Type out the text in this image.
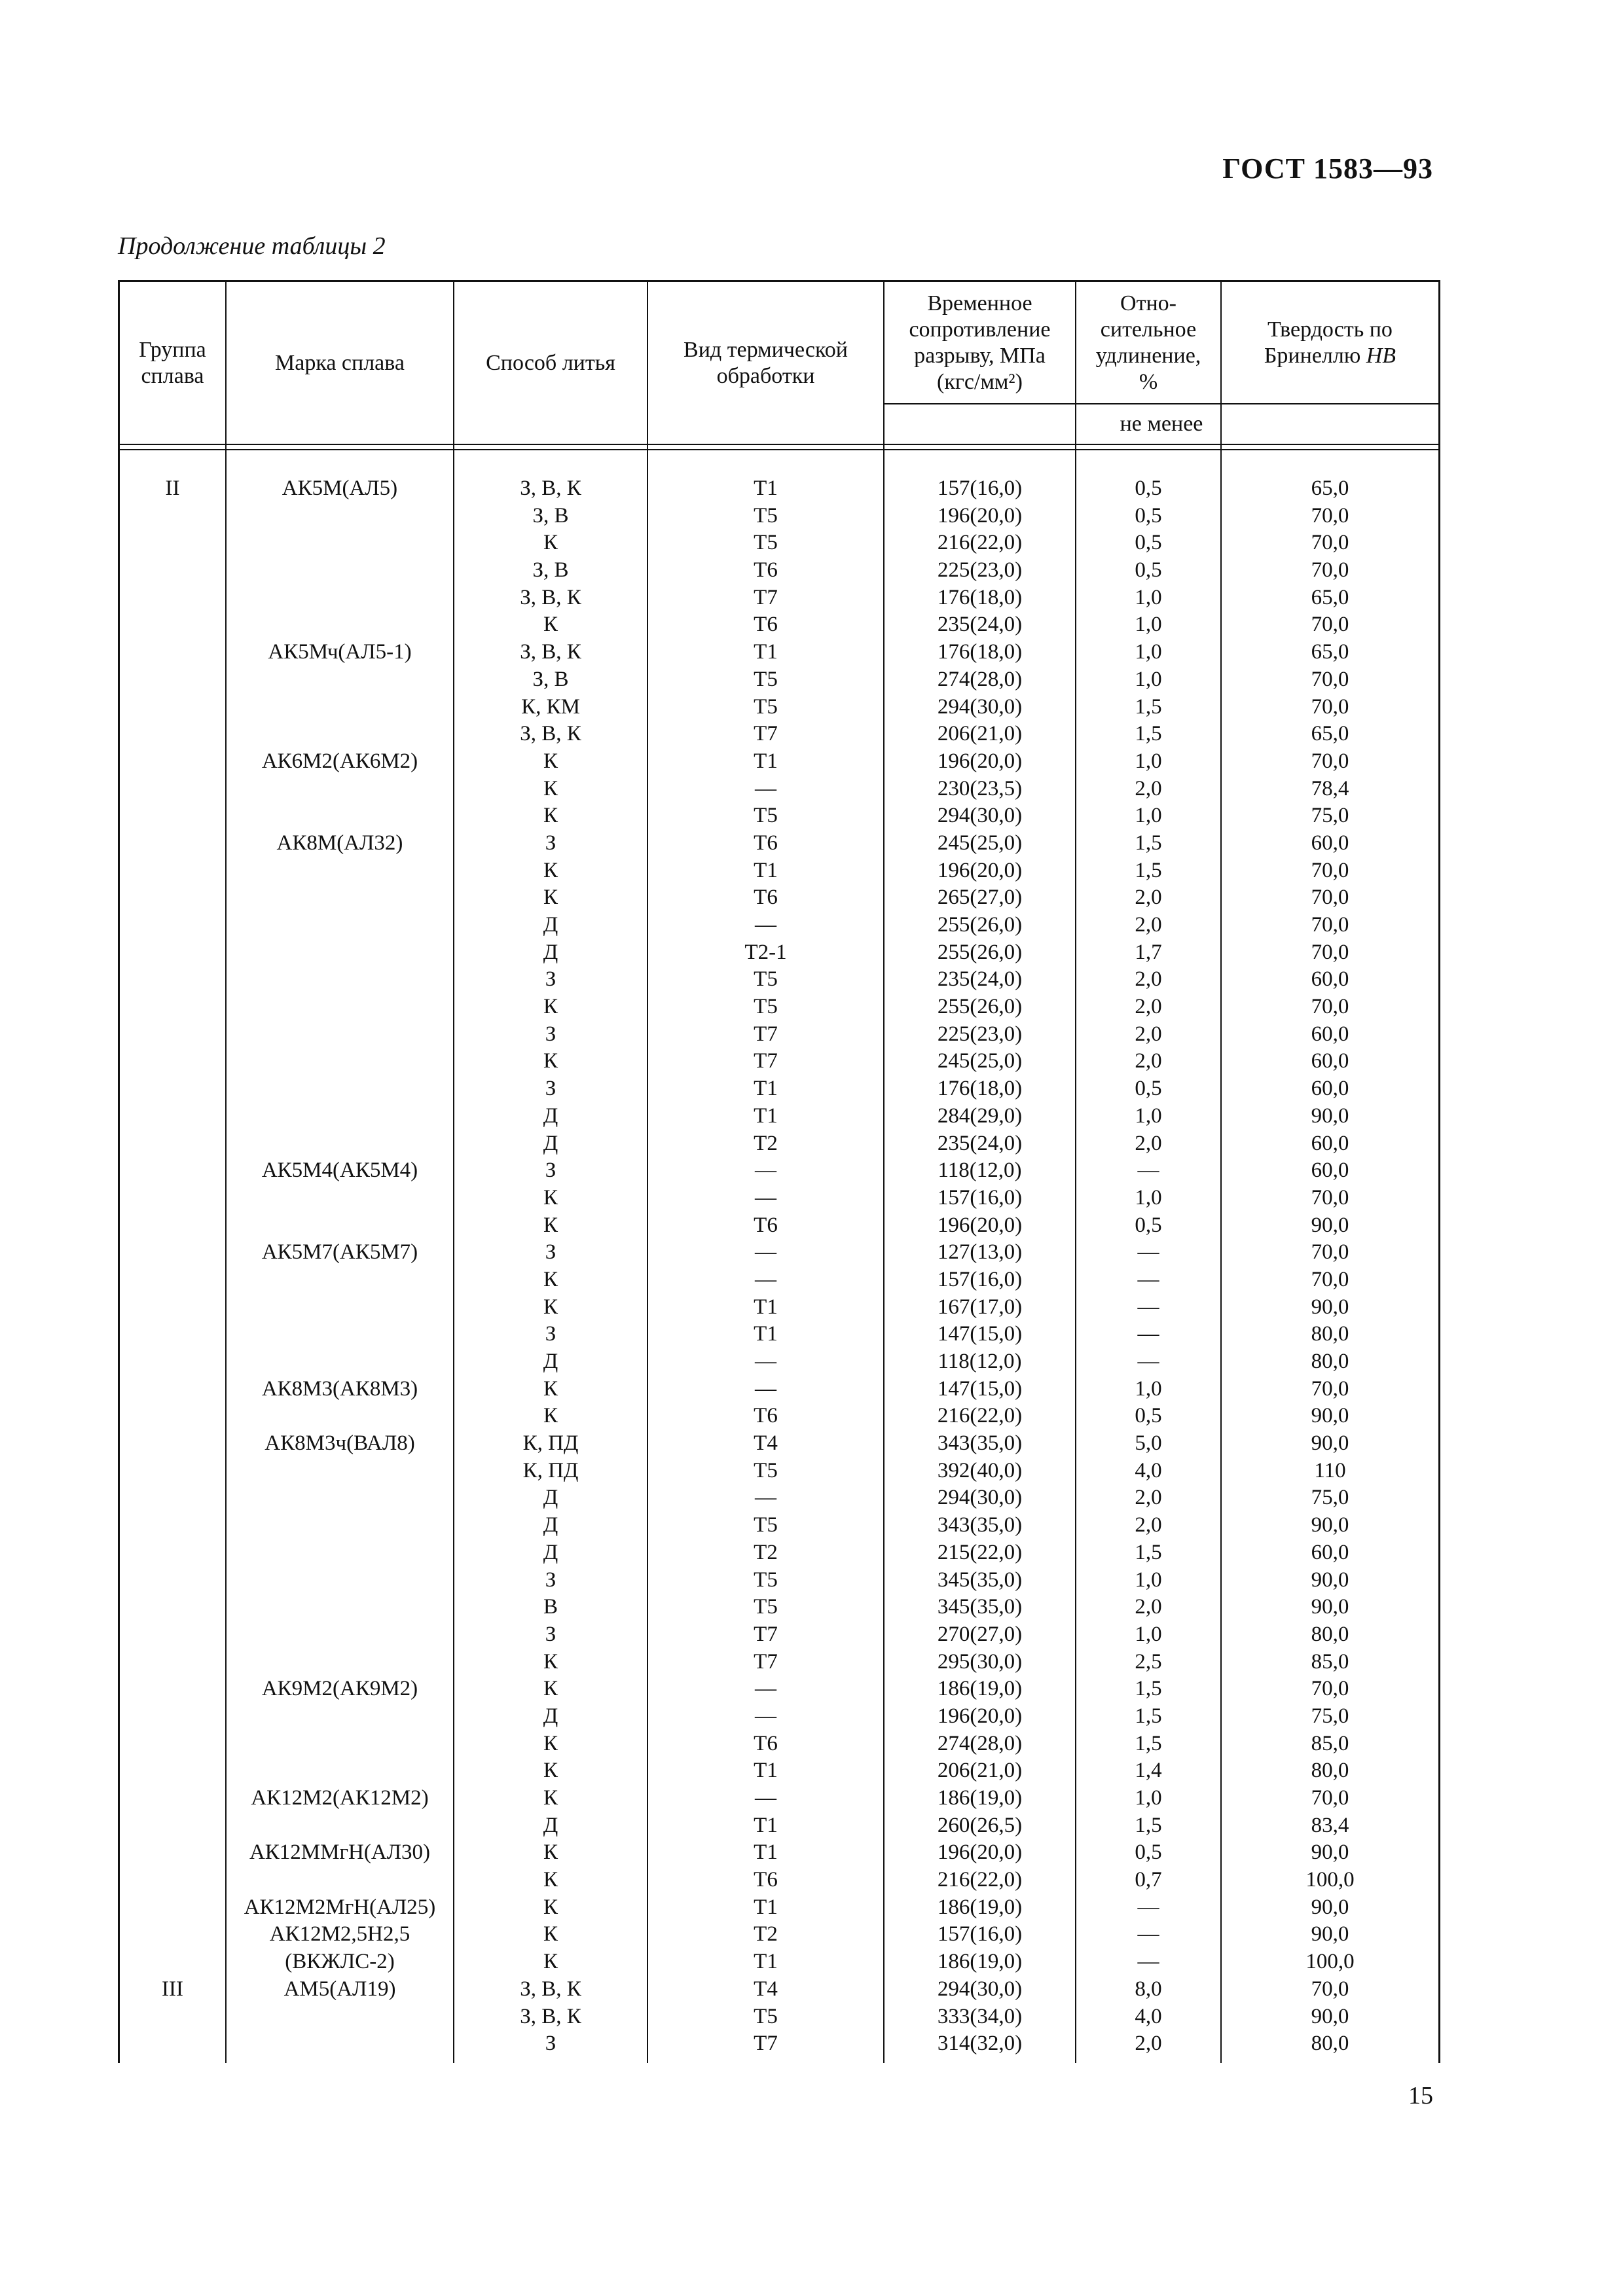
ГОСТ 1583—93
Продолжение таблицы 2
Группа
сплава
Марка сплава	Способ литья
Вид термической
обработки
Временное
сопротивление
разрыву, МПа
(кгс/мм²)
Отно-
сительное
удлинение,
%
Твердость по
Бринеллю HB
не менее
II
III
АК5М(АЛ5)
АК5Мч(АЛ5-1)
АК6М2(АК6М2)
АК8М(АЛ32)
АК5М4(АК5М4)
АК5М7(АК5М7)
АК8М3(АК8М3)
АК8М3ч(ВАЛ8)
АК9М2(АК9М2)
АК12М2(АК12М2)
АК12ММгН(АЛ30)
АК12М2МгН(АЛ25)
АК12М2,5Н2,5
(ВКЖЛС-2)
АМ5(АЛ19)
З, В, К
З, В
К
З, В
З, В, К
К
З, В, К
З, В
К, КМ
З, В, К
К
К
К
З
К
К
Д
Д
З
К
З
К
З
Д
Д
З
К
К
З
К
К
З
Д
К
К
К, ПД
К, ПД
Д
Д
Д
З
В
З
К
К
Д
К
К
К
Д
К
К
К
К
К
З, В, К
З, В, К
З
Т1
Т5
Т5
Т6
Т7
Т6
Т1
Т5
Т5
Т7
Т1
—
Т5
Т6
Т1
Т6
—
Т2-1
Т5
Т5
Т7
Т7
Т1
Т1
Т2
—
—
Т6
—
—
Т1
Т1
—
—
Т6
Т4
Т5
—
Т5
Т2
Т5
Т5
Т7
Т7
—
—
Т6
Т1
—
Т1
Т1
Т6
Т1
Т2
Т1
Т4
Т5
Т7
157(16,0)
196(20,0)
216(22,0)
225(23,0)
176(18,0)
235(24,0)
176(18,0)
274(28,0)
294(30,0)
206(21,0)
196(20,0)
230(23,5)
294(30,0)
245(25,0)
196(20,0)
265(27,0)
255(26,0)
255(26,0)
235(24,0)
255(26,0)
225(23,0)
245(25,0)
176(18,0)
284(29,0)
235(24,0)
118(12,0)
157(16,0)
196(20,0)
127(13,0)
157(16,0)
167(17,0)
147(15,0)
118(12,0)
147(15,0)
216(22,0)
343(35,0)
392(40,0)
294(30,0)
343(35,0)
215(22,0)
345(35,0)
345(35,0)
270(27,0)
295(30,0)
186(19,0)
196(20,0)
274(28,0)
206(21,0)
186(19,0)
260(26,5)
196(20,0)
216(22,0)
186(19,0)
157(16,0)
186(19,0)
294(30,0)
333(34,0)
314(32,0)
0,5
0,5
0,5
0,5
1,0
1,0
1,0
1,0
1,5
1,5
1,0
2,0
1,0
1,5
1,5
2,0
2,0
1,7
2,0
2,0
2,0
2,0
0,5
1,0
2,0
—
1,0
0,5
—
—
—
—
—
1,0
0,5
5,0
4,0
2,0
2,0
1,5
1,0
2,0
1,0
2,5
1,5
1,5
1,5
1,4
1,0
1,5
0,5
0,7
—
—
—
8,0
4,0
2,0
65,0
70,0
70,0
70,0
65,0
70,0
65,0
70,0
70,0
65,0
70,0
78,4
75,0
60,0
70,0
70,0
70,0
70,0
60,0
70,0
60,0
60,0
60,0
90,0
60,0
60,0
70,0
90,0
70,0
70,0
90,0
80,0
80,0
70,0
90,0
90,0
110
75,0
90,0
60,0
90,0
90,0
80,0
85,0
70,0
75,0
85,0
80,0
70,0
83,4
90,0
100,0
90,0
90,0
100,0
70,0
90,0
80,0
15
